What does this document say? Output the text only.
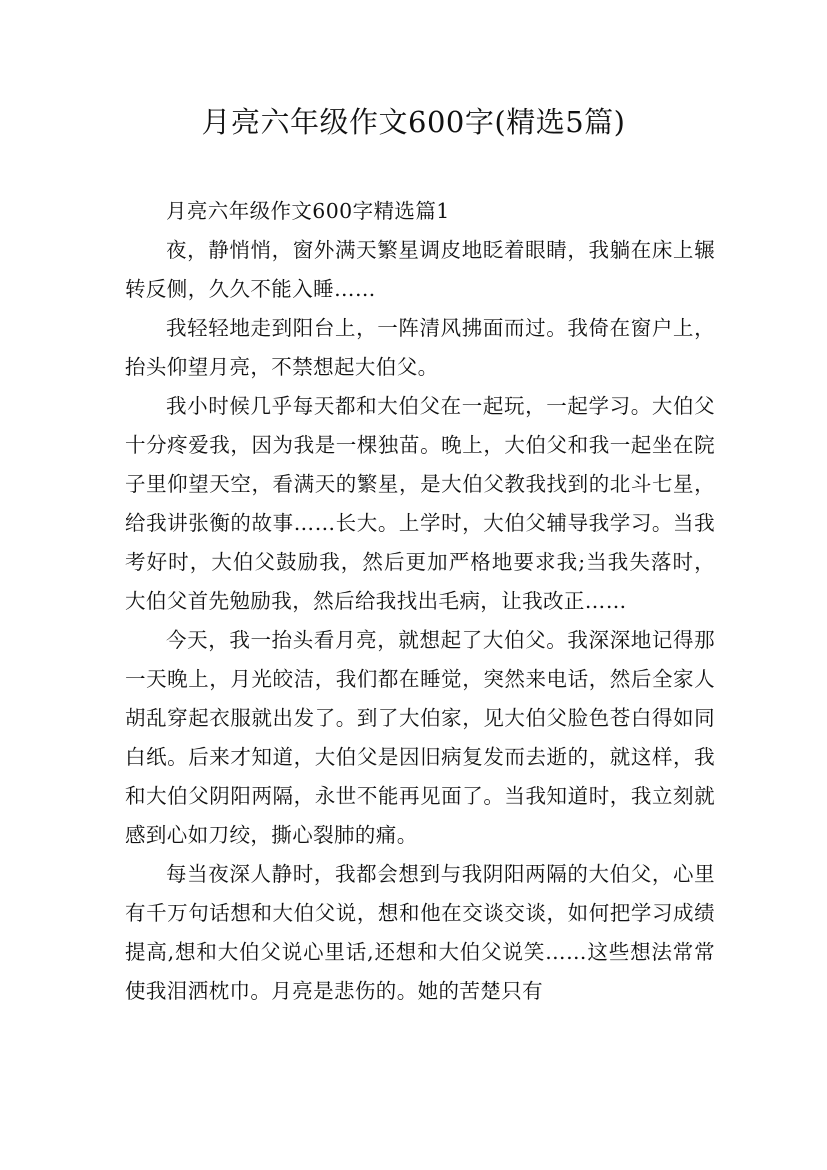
月亮六年级作文600字(精选5篇)

月亮六年级作文600字精选篇1

夜，静悄悄，窗外满天繁星调皮地眨着眼睛，我躺在床上辗转反侧，久久不能入睡……

我轻轻地走到阳台上，一阵清风拂面而过。我倚在窗户上，抬头仰望月亮，不禁想起大伯父。

我小时候几乎每天都和大伯父在一起玩，一起学习。大伯父十分疼爱我，因为我是一棵独苗。晚上，大伯父和我一起坐在院子里仰望天空，看满天的繁星，是大伯父教我找到的北斗七星，给我讲张衡的故事……长大。上学时，大伯父辅导我学习。当我考好时，大伯父鼓励我，然后更加严格地要求我;当我失落时，大伯父首先勉励我，然后给我找出毛病，让我改正……

今天，我一抬头看月亮，就想起了大伯父。我深深地记得那一天晚上，月光皎洁，我们都在睡觉，突然来电话，然后全家人胡乱穿起衣服就出发了。到了大伯家，见大伯父脸色苍白得如同白纸。后来才知道，大伯父是因旧病复发而去逝的，就这样，我和大伯父阴阳两隔，永世不能再见面了。当我知道时，我立刻就感到心如刀绞，撕心裂肺的痛。

每当夜深人静时，我都会想到与我阴阳两隔的大伯父，心里有千万句话想和大伯父说，想和他在交谈交谈，如何把学习成绩提高,想和大伯父说心里话,还想和大伯父说笑……这些想法常常使我泪洒枕巾。月亮是悲伤的。她的苦楚只有
